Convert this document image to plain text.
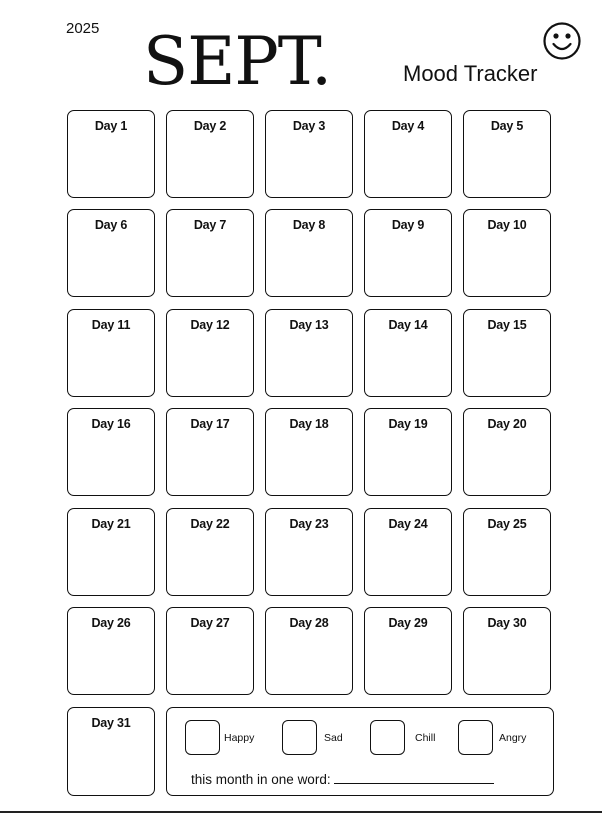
2025 SEPT.	Mood Tracker
Day 1	Day 2	Day 3	Day 4	Day 5
Day 6	Day 7	Day 8	Day 9	Day 10
Day 11	Day 12	Day 13	Day 14	Day 15
Day 16	Day 17	Day 18	Day 19	Day 20
Day 21	Day 22	Day 23	Day 24	Day 25
Day 26	Day 27	Day 28	Day 29	Day 30
Day 31
Happy	Sad	Chill	Angry
this month in one word:
